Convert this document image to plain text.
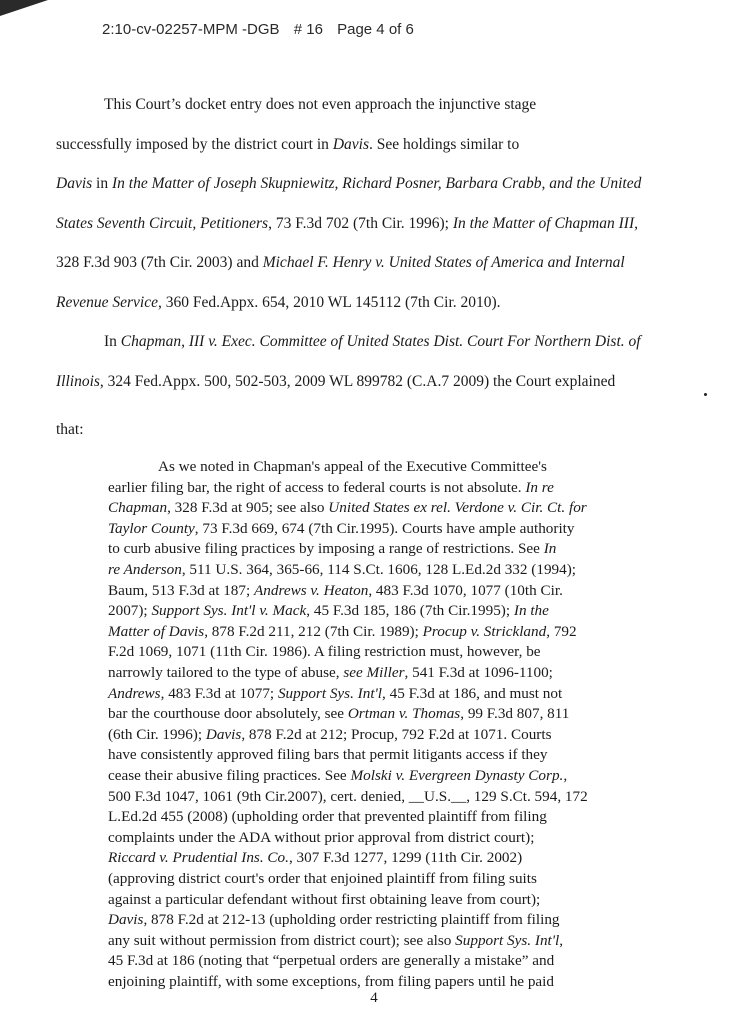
2:10-cv-02257-MPM -DGB # 16 Page 4 of 6
This Court’s docket entry does not even approach the injunctive stage
successfully imposed by the district court in Davis. See holdings similar to
Davis in In the Matter of Joseph Skupniewitz, Richard Posner, Barbara Crabb, and the United
States Seventh Circuit, Petitioners, 73 F.3d 702 (7th Cir. 1996); In the Matter of Chapman III,
328 F.3d 903 (7th Cir. 2003) and Michael F. Henry v. United States of America and Internal
Revenue Service, 360 Fed.Appx. 654, 2010 WL 145112 (7th Cir. 2010).
In Chapman, III v. Exec. Committee of United States Dist. Court For Northern Dist. of
Illinois, 324 Fed.Appx. 500, 502-503, 2009 WL 899782 (C.A.7 2009) the Court explained
that:
As we noted in Chapman's appeal of the Executive Committee's
earlier filing bar, the right of access to federal courts is not absolute. In re
Chapman, 328 F.3d at 905; see also United States ex rel. Verdone v. Cir. Ct. for
Taylor County, 73 F.3d 669, 674 (7th Cir.1995). Courts have ample authority
to curb abusive filing practices by imposing a range of restrictions. See In
re Anderson, 511 U.S. 364, 365-66, 114 S.Ct. 1606, 128 L.Ed.2d 332 (1994);
Baum, 513 F.3d at 187; Andrews v. Heaton, 483 F.3d 1070, 1077 (10th Cir.
2007); Support Sys. Int'l v. Mack, 45 F.3d 185, 186 (7th Cir.1995); In the
Matter of Davis, 878 F.2d 211, 212 (7th Cir. 1989); Procup v. Strickland, 792
F.2d 1069, 1071 (11th Cir. 1986). A filing restriction must, however, be
narrowly tailored to the type of abuse, see Miller, 541 F.3d at 1096-1100;
Andrews, 483 F.3d at 1077; Support Sys. Int'l, 45 F.3d at 186, and must not
bar the courthouse door absolutely, see Ortman v. Thomas, 99 F.3d 807, 811
(6th Cir. 1996); Davis, 878 F.2d at 212; Procup, 792 F.2d at 1071. Courts
have consistently approved filing bars that permit litigants access if they
cease their abusive filing practices. See Molski v. Evergreen Dynasty Corp.,
500 F.3d 1047, 1061 (9th Cir.2007), cert. denied, __U.S.__, 129 S.Ct. 594, 172
L.Ed.2d 455 (2008) (upholding order that prevented plaintiff from filing
complaints under the ADA without prior approval from district court);
Riccard v. Prudential Ins. Co., 307 F.3d 1277, 1299 (11th Cir. 2002)
(approving district court's order that enjoined plaintiff from filing suits
against a particular defendant without first obtaining leave from court);
Davis, 878 F.2d at 212-13 (upholding order restricting plaintiff from filing
any suit without permission from district court); see also Support Sys. Int'l,
45 F.3d at 186 (noting that “perpetual orders are generally a mistake” and
enjoining plaintiff, with some exceptions, from filing papers until he paid
4
